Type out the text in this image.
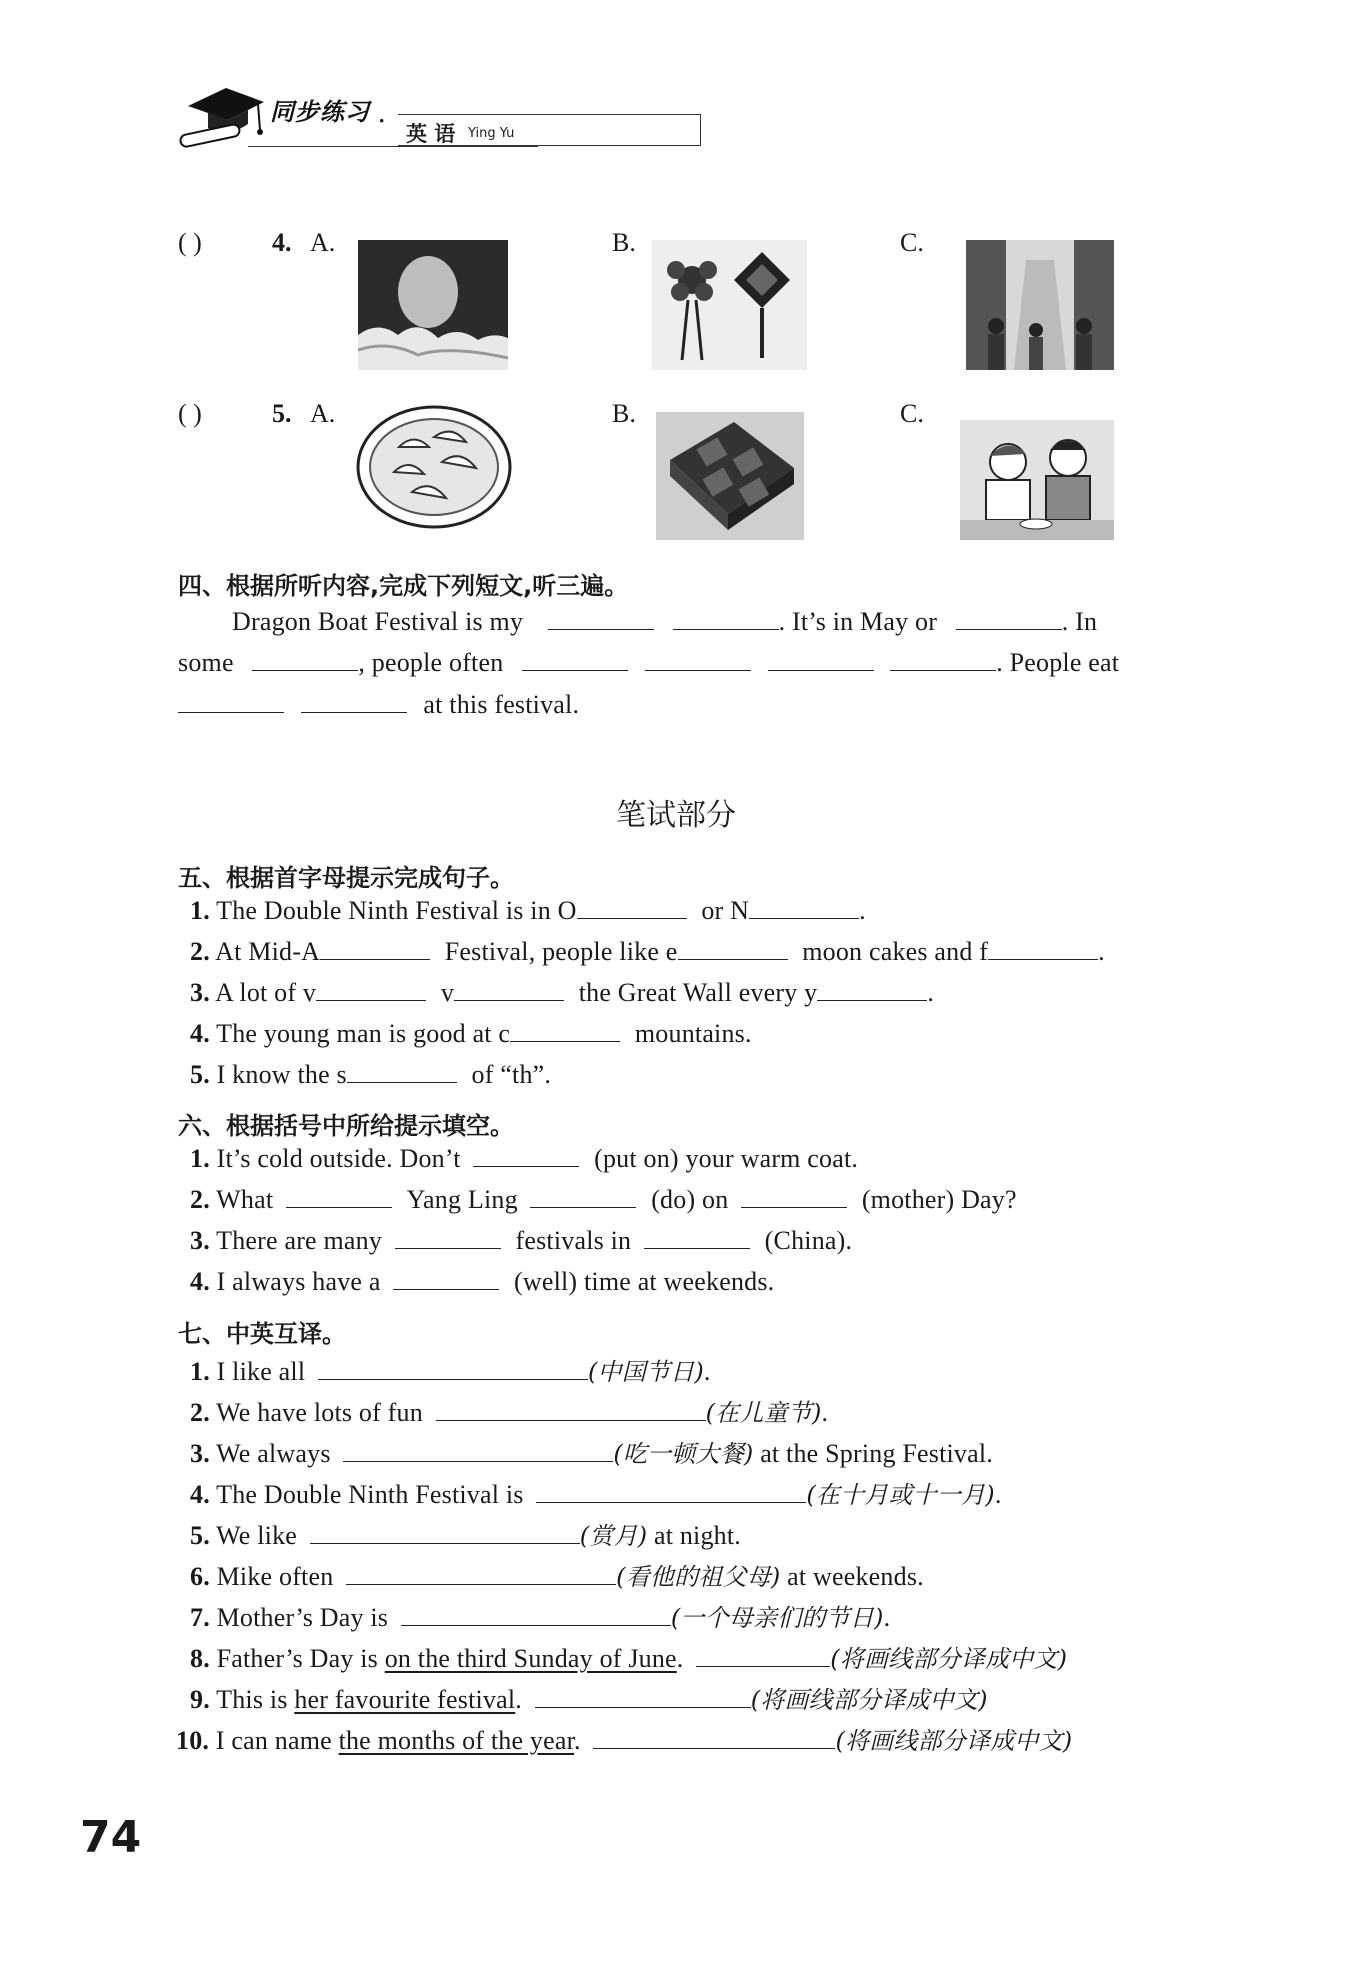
同步练习 ·
英 语 Ying Yu
( )	4. A.	B.	C.
( )	5. A.	B.	C.
四、根据所听内容,完成下列短文,听三遍。
Dragon Boat Festival is my	. It’s in May or	. In
some	, people often	. People eat
at this festival.
笔试部分
五、根据首字母提示完成句子。
1. The Double Ninth Festival is in O	or N	.
2. At Mid-A	Festival, people like e	moon cakes and f	.
3. A lot of v	v	the Great Wall every y	.
4. The young man is good at c	mountains.
5. I know the s	of “th”.
六、根据括号中所给提示填空。
1. It’s cold outside. Don’t	(put on) your warm coat.
2. What	Yang Ling	(do) on	(mother) Day?
3. There are many	festivals in	(China).
4. I always have a	(well) time at weekends.
七、中英互译。
1. I like all	(中国节日).
2. We have lots of fun	(在儿童节).
3. We always	(吃一顿大餐) at the Spring Festival.
4. The Double Ninth Festival is	(在十月或十一月).
5. We like	(赏月) at night.
6. Mike often	(看他的祖父母) at weekends.
7. Mother’s Day is	(一个母亲们的节日).
8. Father’s Day is on the third Sunday of June.	(将画线部分译成中文)
9. This is her favourite festival.	(将画线部分译成中文)
10. I can name the months of the year.	(将画线部分译成中文)
74
